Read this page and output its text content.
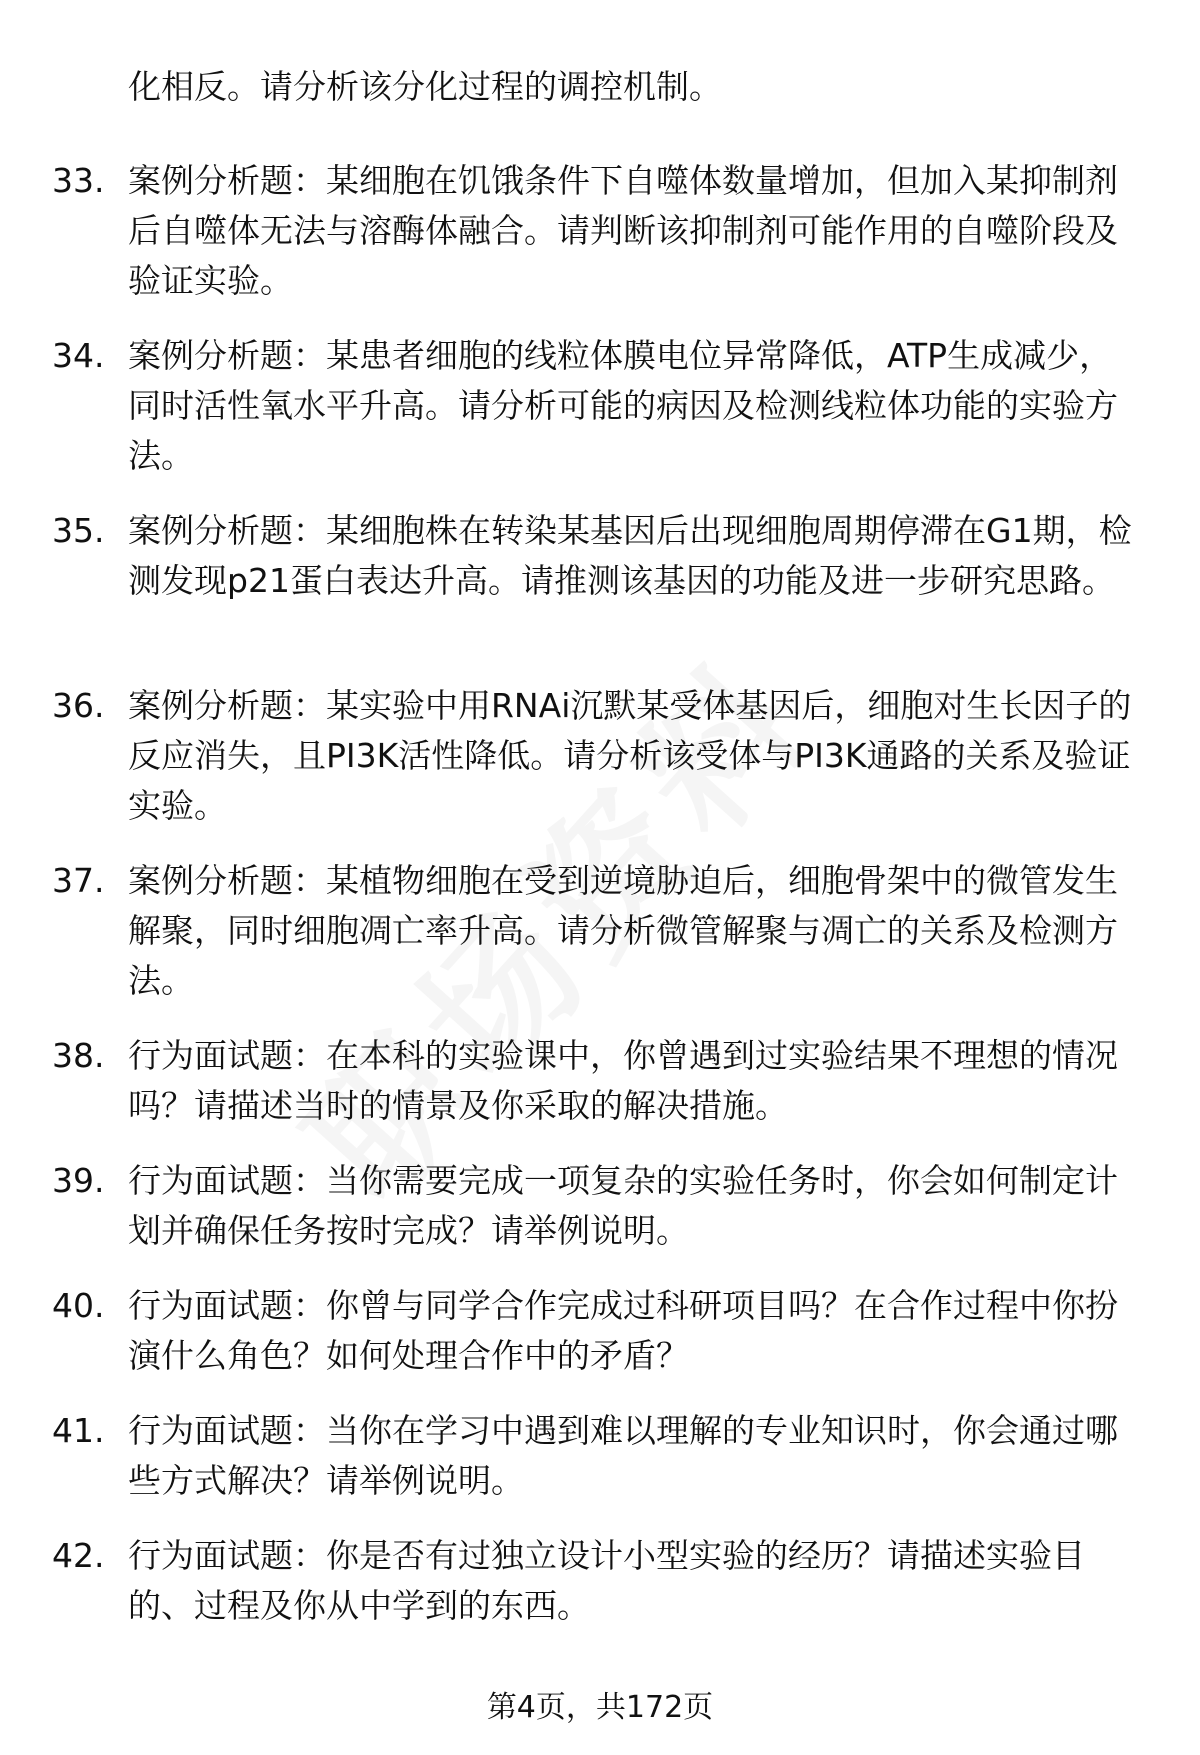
化相反。请分析该分化过程的调控机制。
33. 案例分析题：某细胞在饥饿条件下自噬体数量增加，但加入某抑制剂后自噬体无法与溶酶体融合。请判断该抑制剂可能作用的自噬阶段及验证实验。
34. 案例分析题：某患者细胞的线粒体膜电位异常降低，ATP生成减少，同时活性氧水平升高。请分析可能的病因及检测线粒体功能的实验方法。
35. 案例分析题：某细胞株在转染某基因后出现细胞周期停滞在G1期，检测发现p21蛋白表达升高。请推测该基因的功能及进一步研究思路。
36. 案例分析题：某实验中用RNAi沉默某受体基因后，细胞对生长因子的反应消失，且PI3K活性降低。请分析该受体与PI3K通路的关系及验证实验。
37. 案例分析题：某植物细胞在受到逆境胁迫后，细胞骨架中的微管发生解聚，同时细胞凋亡率升高。请分析微管解聚与凋亡的关系及检测方法。
38. 行为面试题：在本科的实验课中，你曾遇到过实验结果不理想的情况吗？请描述当时的情景及你采取的解决措施。
39. 行为面试题：当你需要完成一项复杂的实验任务时，你会如何制定计划并确保任务按时完成？请举例说明。
40. 行为面试题：你曾与同学合作完成过科研项目吗？在合作过程中你扮演什么角色？如何处理合作中的矛盾？
41. 行为面试题：当你在学习中遇到难以理解的专业知识时，你会通过哪些方式解决？请举例说明。
42. 行为面试题：你是否有过独立设计小型实验的经历？请描述实验目的、过程及你从中学到的东西。
第4页，共172页
